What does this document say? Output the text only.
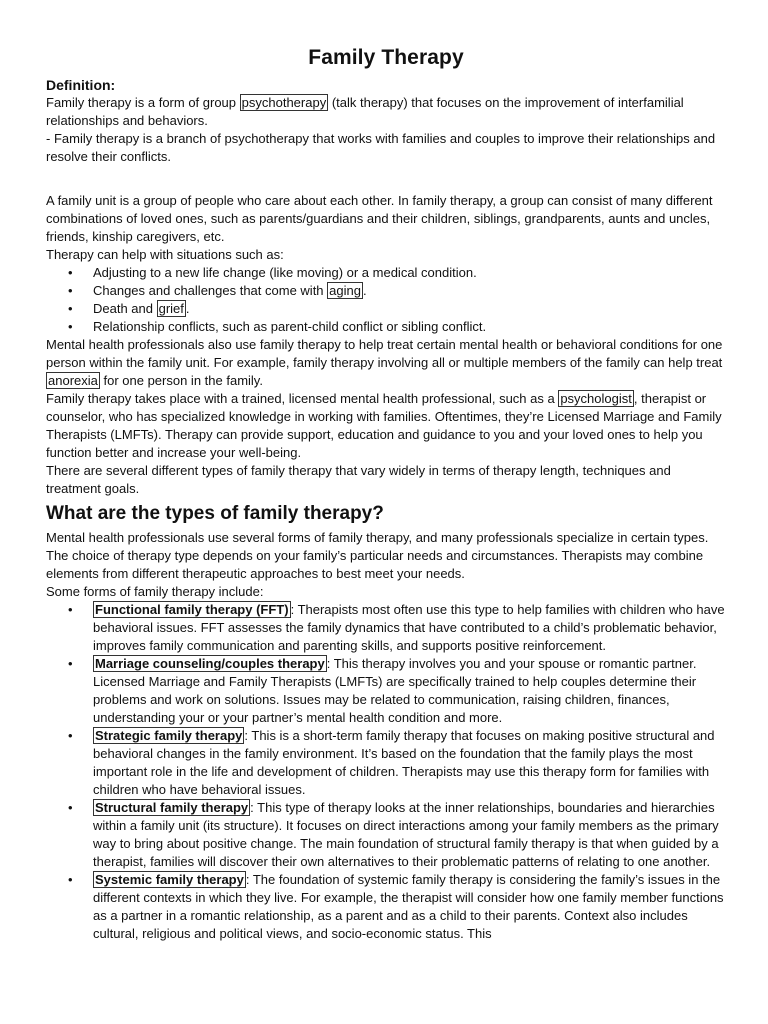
Family Therapy
Definition:

Family therapy is a form of group psychotherapy (talk therapy) that focuses on the improvement of interfamilial relationships and behaviors.

- Family therapy is a branch of psychotherapy that works with families and couples to improve their relationships and resolve their conflicts.

A family unit is a group of people who care about each other. In family therapy, a group can consist of many different combinations of loved ones, such as parents/guardians and their children, siblings, grandparents, aunts and uncles, friends, kinship caregivers, etc.

Therapy can help with situations such as:

• Adjusting to a new life change (like moving) or a medical condition.
• Changes and challenges that come with aging .
• Death and grief .
• Relationship conflicts, such as parent-child conflict or sibling conflict.

Mental health professionals also use family therapy to help treat certain mental health or behavioral conditions for one person within the family unit. For example, family therapy involving all or multiple members of the family can help treat anorexia for one person in the family.

Family therapy takes place with a trained, licensed mental health professional, such as a psychologist , therapist or counselor, who has specialized knowledge in working with families. Oftentimes, they’re Licensed Marriage and Family Therapists (LMFTs). Therapy can provide support, education and guidance to you and your loved ones to help you function better and increase your well-being.

There are several different types of family therapy that vary widely in terms of therapy length, techniques and treatment goals.

What are the types of family therapy?

Mental health professionals use several forms of family therapy, and many professionals specialize in certain types. The choice of therapy type depends on your family’s particular needs and circumstances. Therapists may combine elements from different therapeutic approaches to best meet your needs.

Some forms of family therapy include:

• Functional family therapy (FFT) : Therapists most often use this type to help families with children who have behavioral issues. FFT assesses the family dynamics that have contributed to a child’s problematic behavior, improves family communication and parenting skills, and supports positive reinforcement.
• Marriage counseling/couples therapy : This therapy involves you and your spouse or romantic partner. Licensed Marriage and Family Therapists (LMFTs) are specifically trained to help couples determine their problems and work on solutions. Issues may be related to communication, raising children, finances, understanding your or your partner’s mental health condition and more.
• Strategic family therapy : This is a short-term family therapy that focuses on making positive structural and behavioral changes in the family environment. It’s based on the foundation that the family plays the most important role in the life and development of children. Therapists may use this therapy form for families with children who have behavioral issues.
• Structural family therapy : This type of therapy looks at the inner relationships, boundaries and hierarchies within a family unit (its structure). It focuses on direct interactions among your family members as the primary way to bring about positive change. The main foundation of structural family therapy is that when guided by a therapist, families will discover their own alternatives to their problematic patterns of relating to one another.
• Systemic family therapy : The foundation of systemic family therapy is considering the family’s issues in the different contexts in which they live. For example, the therapist will consider how one family member functions as a partner in a romantic relationship, as a parent and as a child to their parents. Context also includes cultural, religious and political views, and socio-economic status. This
